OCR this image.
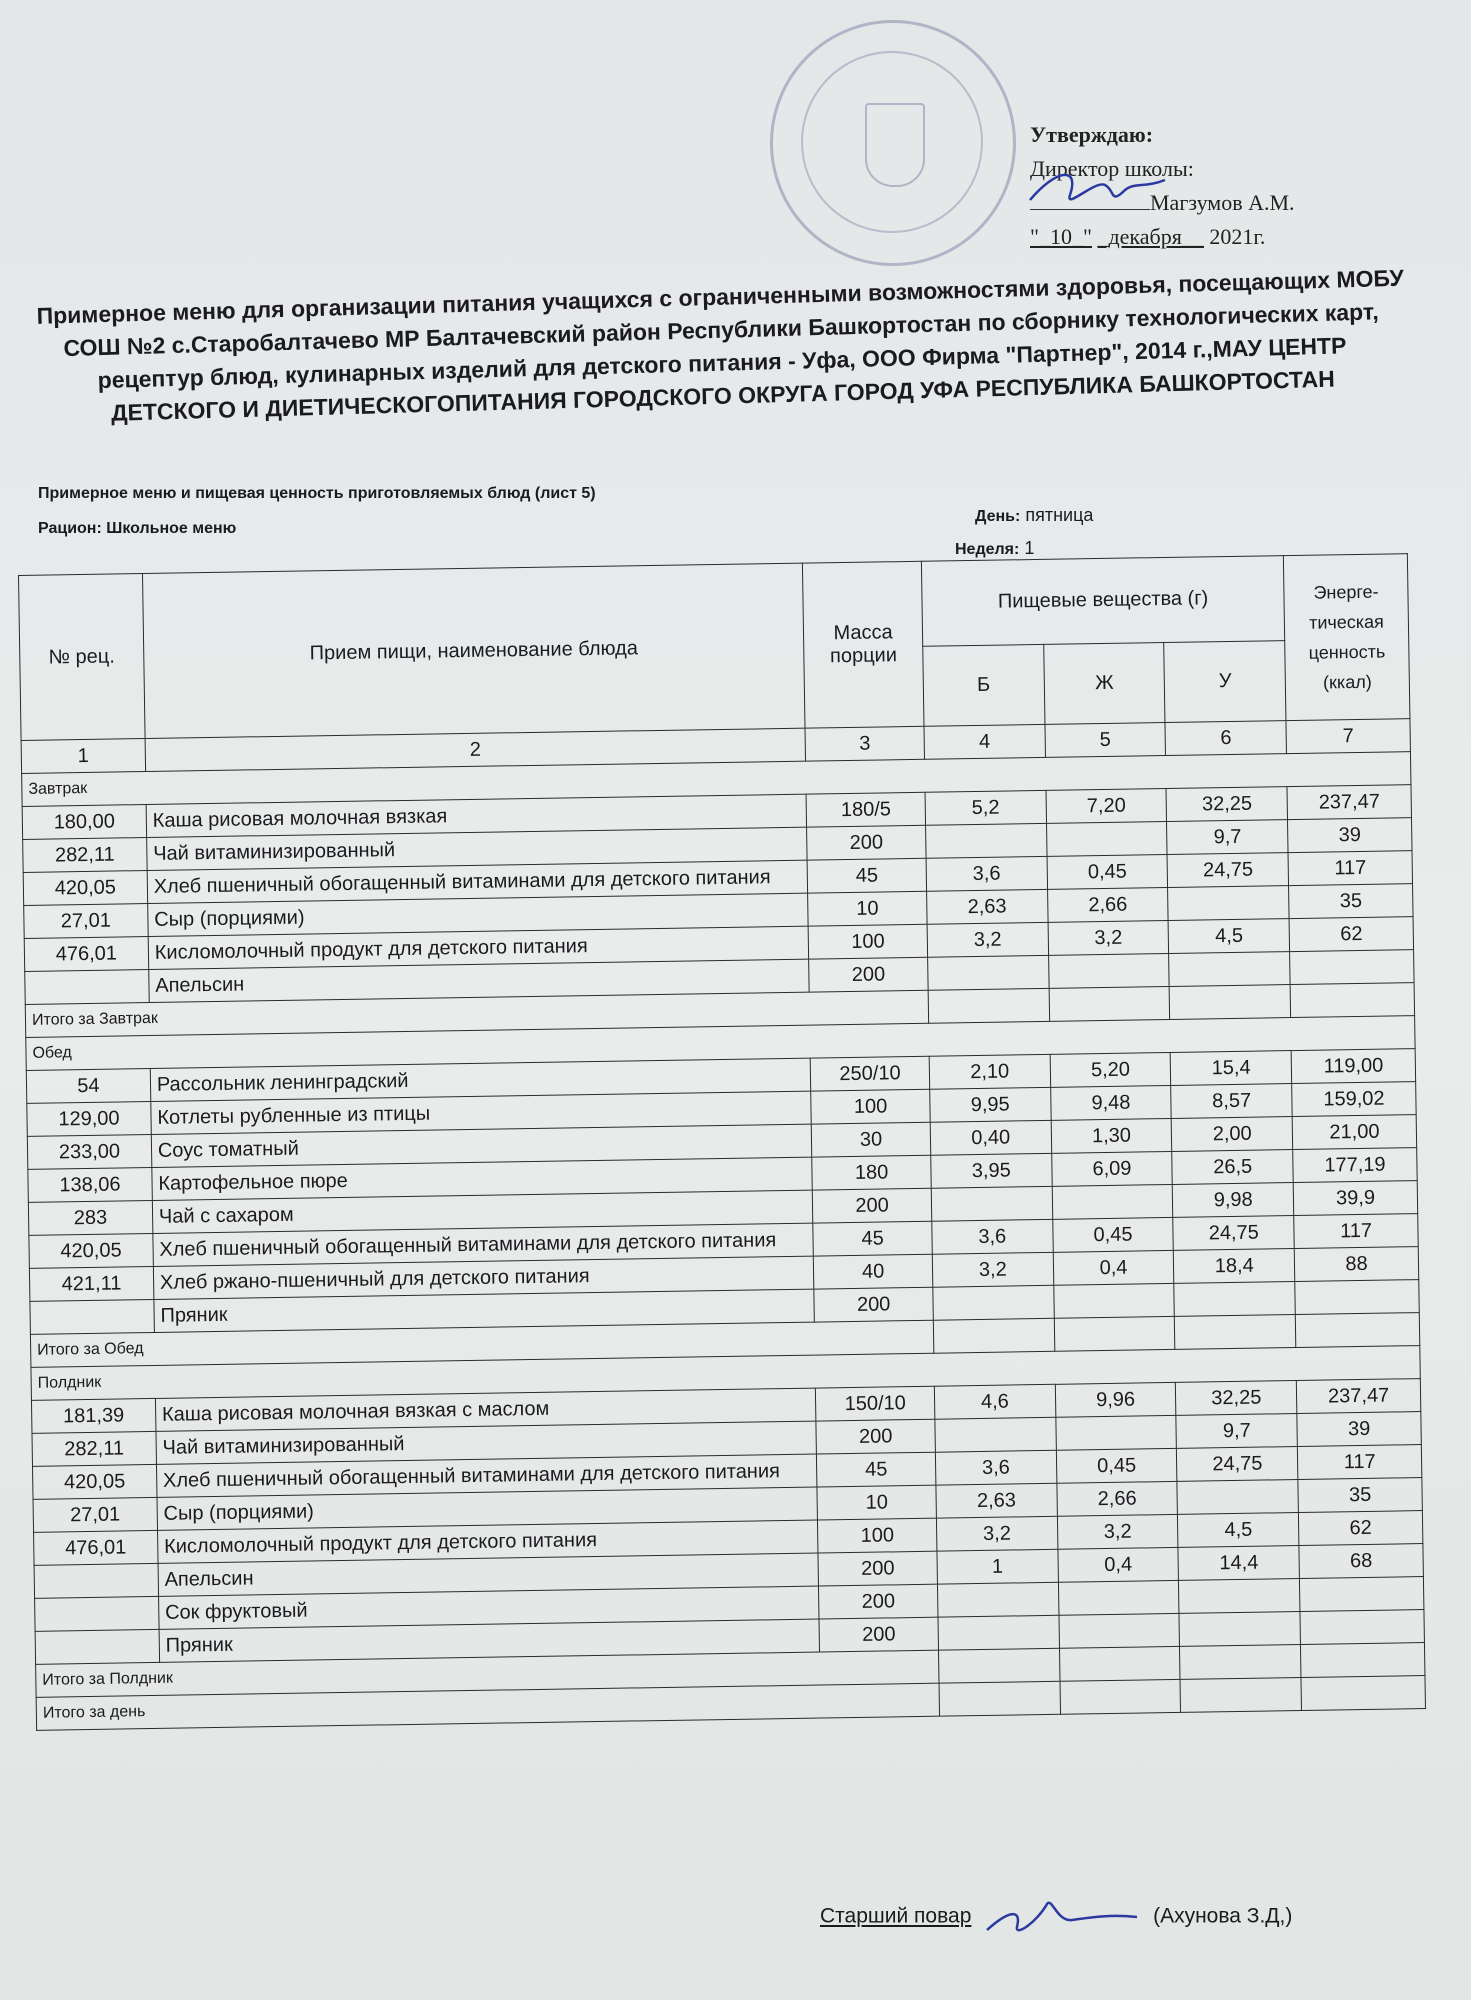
Утверждаю:
Директор школы:
Магзумов А.М.
"_10_" _декабря__ 2021г.
Примерное меню для организации питания учащихся с ограниченными возможностями здоровья, посещающих МОБУ СОШ №2 с.Старобалтачево МР Балтачевский район Республики Башкортостан по сборнику технологических карт, рецептур блюд, кулинарных изделий для детского питания - Уфа, ООО Фирма "Партнер", 2014 г.,МАУ ЦЕНТР ДЕТСКОГО И ДИЕТИЧЕСКОГОПИТАНИЯ ГОРОДСКОГО ОКРУГА ГОРОД УФА РЕСПУБЛИКА БАШКОРТОСТАН
Примерное меню и пищевая ценность приготовляемых блюд (лист 5)
Рацион: Школьное меню
День: пятница
Неделя: 1
№ рец.	Прием пищи, наименование блюда	Масса порции	Пищевые вещества (г)			Энерге-тическая ценность (ккал)
			Б	Ж	У	
1	2	3	4	5	6	7
Завтрак						
180,00	Каша рисовая молочная вязкая	180/5	5,2	7,20	32,25	237,47
282,11	Чай витаминизированный	200			9,7	39
420,05	Хлеб пшеничный обогащенный витаминами для детского питания	45	3,6	0,45	24,75	117
27,01	Сыр (порциями)	10	2,63	2,66		35
476,01	Кисломолочный продукт для детского питания	100	3,2	3,2	4,5	62
	Апельсин	200				
Итого за Завтрак						
Обед						
54	Рассольник ленинградский	250/10	2,10	5,20	15,4	119,00
129,00	Котлеты рубленные из птицы	100	9,95	9,48	8,57	159,02
233,00	Соус томатный	30	0,40	1,30	2,00	21,00
138,06	Картофельное пюре	180	3,95	6,09	26,5	177,19
283	Чай с сахаром	200			9,98	39,9
420,05	Хлеб пшеничный обогащенный витаминами для детского питания	45	3,6	0,45	24,75	117
421,11	Хлеб ржано-пшеничный для детского питания	40	3,2	0,4	18,4	88
	Пряник	200				
Итого за Обед						
Полдник						
181,39	Каша рисовая молочная вязкая с маслом	150/10	4,6	9,96	32,25	237,47
282,11	Чай витаминизированный	200			9,7	39
420,05	Хлеб пшеничный обогащенный витаминами для детского питания	45	3,6	0,45	24,75	117
27,01	Сыр (порциями)	10	2,63	2,66		35
476,01	Кисломолочный продукт для детского питания	100	3,2	3,2	4,5	62
	Апельсин	200	1	0,4	14,4	68
	Сок фруктовый	200				
	Пряник	200				
Итого за Полдник						
Итого за день						
Старший повар	(Ахунова З.Д,)
